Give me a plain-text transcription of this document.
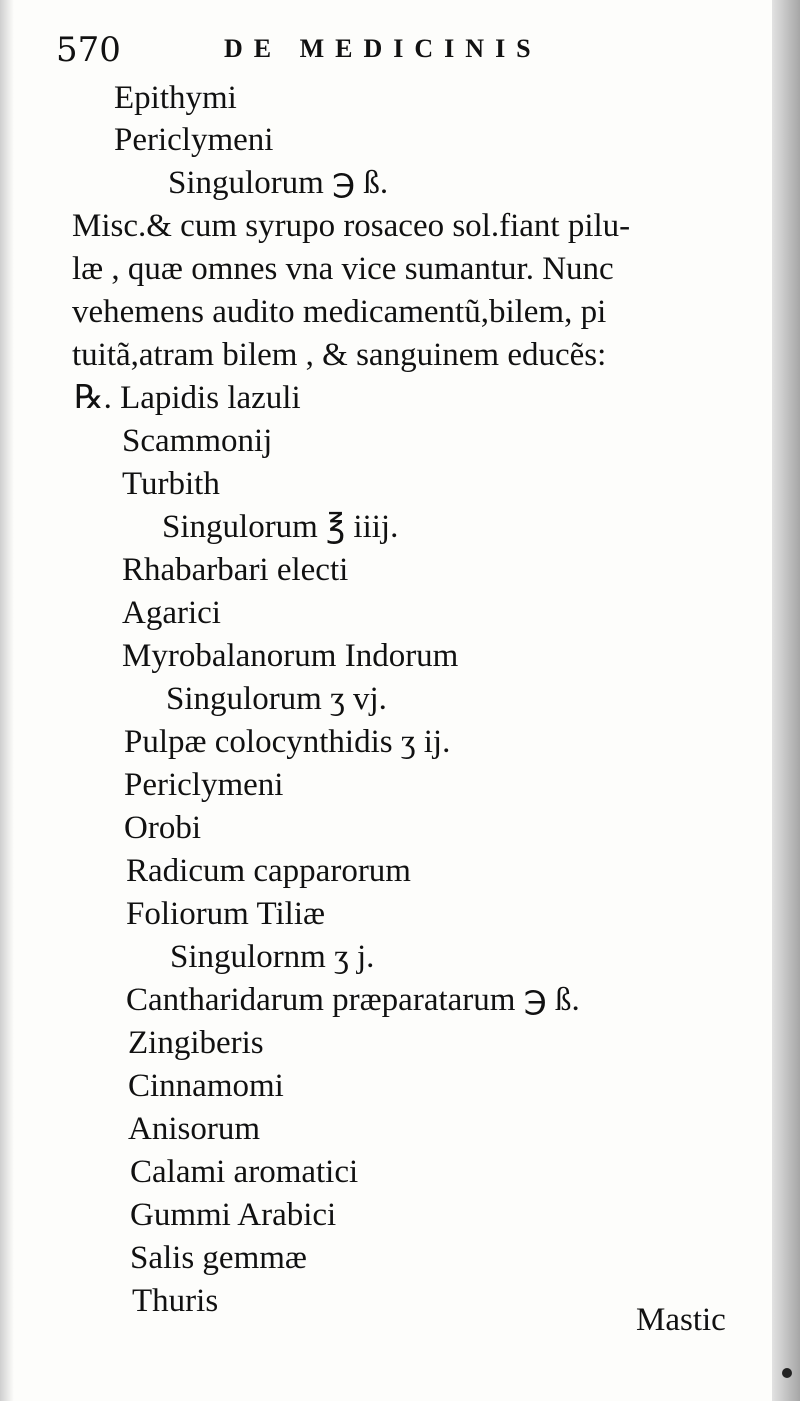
570	DE MEDICINIS
Epithymi
Periclymeni
Singulorum ℈ ß.
Misc.& cum syrupo rosaceo sol.fiant pilu-
læ , quæ omnes vna vice sumantur. Nunc
vehemens audito medicamentũ,bilem, pi
tuitã,atram bilem , & sanguinem educẽs:
℞. Lapidis lazuli
Scammonij
Turbith
Singulorum ℥ iiij.
Rhabarbari electi
Agarici
Myrobalanorum Indorum
Singulorum ʒ vj.
Pulpæ colocynthidis ʒ ij.
Periclymeni
Orobi
Radicum capparorum
Foliorum Tiliæ
Singulornm ʒ j.
Cantharidarum præparatarum ℈ ß.
Zingiberis
Cinnamomi
Anisorum
Calami aromatici
Gummi Arabici
Salis gemmæ
Thuris
Mastic
